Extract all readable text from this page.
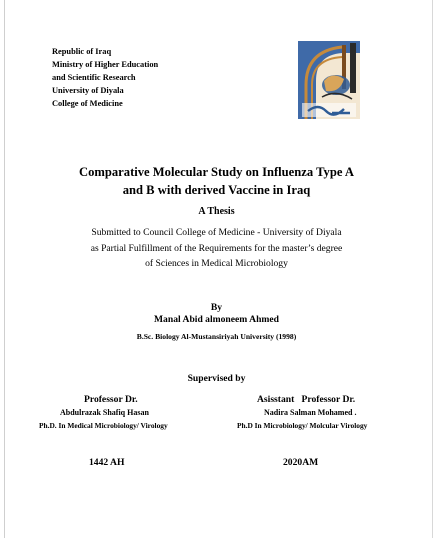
Republic of Iraq
Ministry of Higher Education
and Scientific Research
University of Diyala
College of Medicine
Comparative Molecular Study on Influenza Type A
and B with derived Vaccine in Iraq
A Thesis
Submitted to Council College of Medicine - University of Diyala
as Partial Fulfillment of the Requirements for the master’s degree
of Sciences in Medical Microbiology
By
Manal Abid almoneem Ahmed
B.Sc. Biology Al-Mustansiriyah University (1998)
Supervised by
Professor Dr.
Abdulrazak Shafiq Hasan
Ph.D. In Medical Microbiology/ Virology
Asisstant   Professor Dr.
Nadira Salman Mohamed .
Ph.D In Microbiology/ Molcular Virology
1442 AH	2020AM
